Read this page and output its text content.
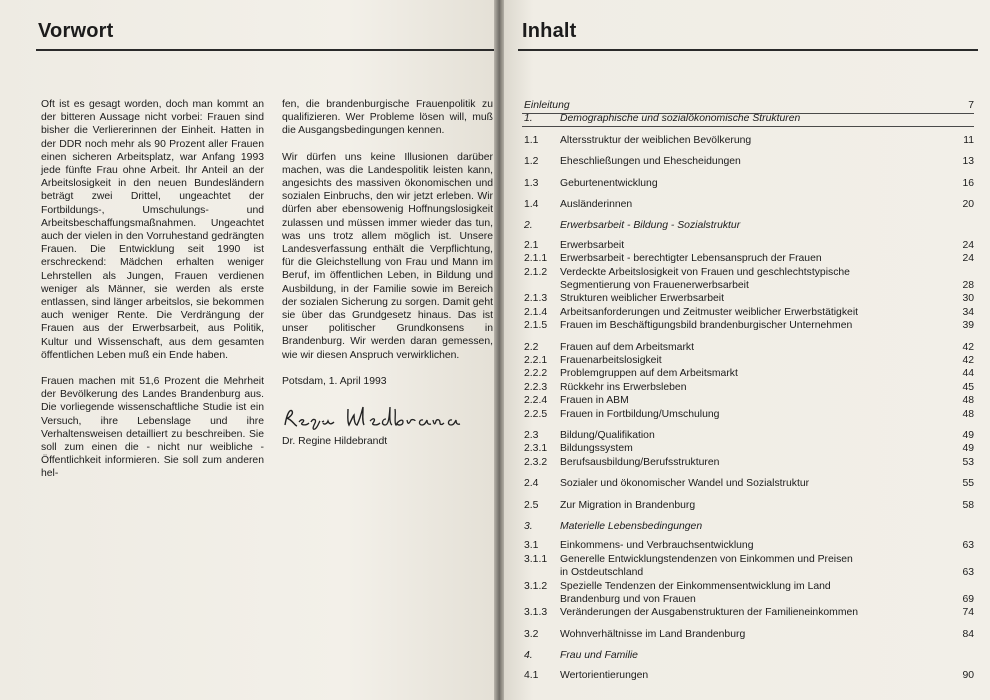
Vorwort

Oft ist es gesagt worden, doch man kommt an der bitteren Aussage nicht vorbei: Frauen sind bisher die Verliererinnen der Einheit. Hatten in der DDR noch mehr als 90 Prozent aller Frauen einen sicheren Arbeitsplatz, war Anfang 1993 jede fünfte Frau ohne Arbeit. Ihr Anteil an der Arbeitslosigkeit in den neuen Bundesländern beträgt zwei Drittel, ungeachtet der Fortbildungs-, Umschulungs- und Arbeitsbeschaffungsmaßnahmen. Ungeachtet auch der vielen in den Vorruhestand gedrängten Frauen. Die Entwicklung seit 1990 ist erschreckend: Mädchen erhalten weniger Lehrstellen als Jungen, Frauen verdienen weniger als Männer, sie werden als erste entlassen, sind länger arbeitslos, sie bekommen auch weniger Rente. Die Verdrängung der Frauen aus der Erwerbsarbeit, aus Politik, Kultur und Wissenschaft, aus dem gesamten öffentlichen Leben muß ein Ende haben.

Frauen machen mit 51,6 Prozent die Mehrheit der Bevölkerung des Landes Brandenburg aus. Die vorliegende wissenschaftliche Studie ist ein Versuch, ihre Lebenslage und ihre Verhaltensweisen detailliert zu beschreiben. Sie soll zum einen die - nicht nur weibliche - Öffentlichkeit informieren. Sie soll zum anderen hel-

fen, die brandenburgische Frauenpolitik zu qualifizieren. Wer Probleme lösen will, muß die Ausgangsbedingungen kennen.

Wir dürfen uns keine Illusionen darüber machen, was die Landespolitik leisten kann, angesichts des massiven ökonomischen und sozialen Einbruchs, den wir jetzt erleben. Wir dürfen aber ebensowenig Hoffnungslosigkeit zulassen und müssen immer wieder das tun, was uns trotz allem möglich ist. Unsere Landesverfassung enthält die Verpflichtung, für die Gleichstellung von Frau und Mann im Beruf, im öffentlichen Leben, in Bildung und Ausbildung, in der Familie sowie im Bereich der sozialen Sicherung zu sorgen. Damit geht sie über das Grundgesetz hinaus. Das ist unser politischer Grundkonsens in Brandenburg. Wir werden daran gemessen, wie wir diesen Anspruch verwirklichen.

Potsdam, 1. April 1993

Dr. Regine Hildebrandt

Inhalt
Einleitung	7
1.	Demographische und sozialökonomische Strukturen
1.1 Altersstruktur der weiblichen Bevölkerung	11
1.2 Eheschließungen und Ehescheidungen	13
1.3 Geburtenentwicklung	16
1.4 Ausländerinnen	20
2.	Erwerbsarbeit - Bildung - Sozialstruktur
2.1 Erwerbsarbeit	24
2.1.1 Erwerbsarbeit - berechtigter Lebensanspruch der Frauen	24
2.1.2 Verdeckte Arbeitslosigkeit von Frauen und geschlechtstypische
Segmentierung von Frauenerwerbsarbeit	28
2.1.3 Strukturen weiblicher Erwerbsarbeit	30
2.1.4 Arbeitsanforderungen und Zeitmuster weiblicher Erwerbstätigkeit	34
2.1.5 Frauen im Beschäftigungsbild brandenburgischer Unternehmen	39
2.2 Frauen auf dem Arbeitsmarkt	42
2.2.1 Frauenarbeitslosigkeit	42
2.2.2 Problemgruppen auf dem Arbeitsmarkt	44
2.2.3 Rückkehr ins Erwerbsleben	45
2.2.4 Frauen in ABM	48
2.2.5 Frauen in Fortbildung/Umschulung	48
2.3 Bildung/Qualifikation	49
2.3.1 Bildungssystem	49
2.3.2 Berufsausbildung/Berufsstrukturen	53
2.4 Sozialer und ökonomischer Wandel und Sozialstruktur	55
2.5 Zur Migration in Brandenburg	58
3.	Materielle Lebensbedingungen
3.1 Einkommens- und Verbrauchsentwicklung	63
3.1.1 Generelle Entwicklungstendenzen von Einkommen und Preisen
in Ostdeutschland	63
3.1.2 Spezielle Tendenzen der Einkommensentwicklung im Land
Brandenburg und von Frauen	69
3.1.3 Veränderungen der Ausgabenstrukturen der Familieneinkommen	74
3.2 Wohnverhältnisse im Land Brandenburg	84
4.	Frau und Familie
4.1 Wertorientierungen	90
